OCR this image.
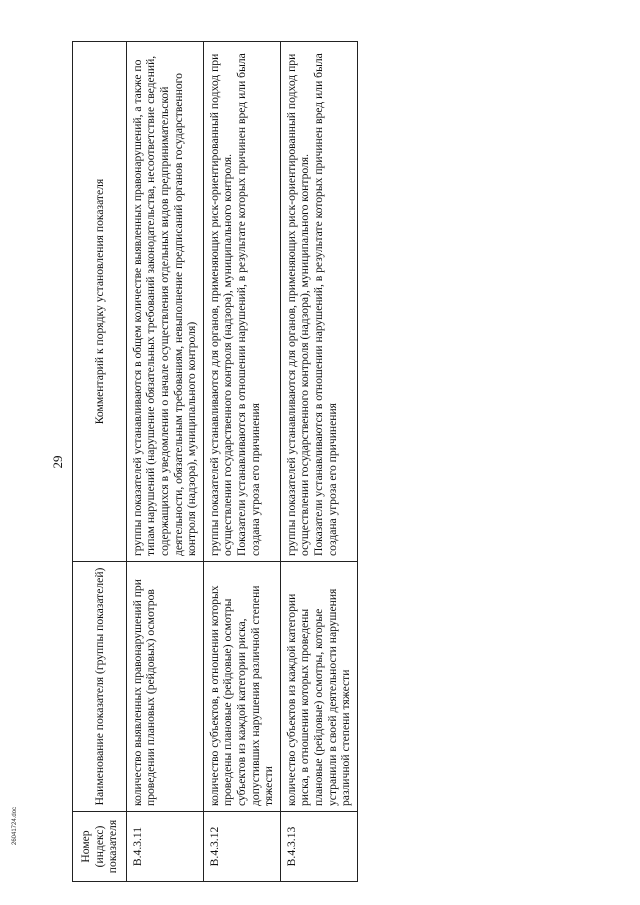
29
Номер (индекс) показателя	Наименование показателя (группы показателей)	Комментарий к порядку установления показателя
В.4.3.11	количество выявленных правонарушений при проведении плановых (рейдовых) осмотров	группы показателей устанавливаются в общем количестве выявленных правонарушений, а также по типам нарушений (нарушение обязательных требований законодательства, несоответствие сведений, содержащихся в уведомлении о начале осуществления отдельных видов предпринимательской деятельности, обязательным требованиям, невыполнение предписаний органов государственного контроля (надзора), муниципального контроля)

В.4.3.12	количество субъектов, в отношении которых проведены плановые (рейдовые) осмотры субъектов из каждой категории риска, допустивших нарушения различной степени тяжести	группы показателей устанавливаются для органов, применяющих риск-ориентированный подход при осуществлении государственного контроля (надзора), муниципального контроля. Показатели устанавливаются в отношении нарушений, в результате которых причинен вред или была создана угроза его причинения

В.4.3.13	количество субъектов из каждой категории риска, в отношении которых проведены плановые (рейдовые) осмотры, которые устранили в своей деятельности нарушения различной степени тяжести	группы показателей устанавливаются для органов, применяющих риск-ориентированный подход при осуществлении государственного контроля (надзора), муниципального контроля. Показатели устанавливаются в отношении нарушений, в результате которых причинен вред или была создана угроза его причинения
26041724.doc
